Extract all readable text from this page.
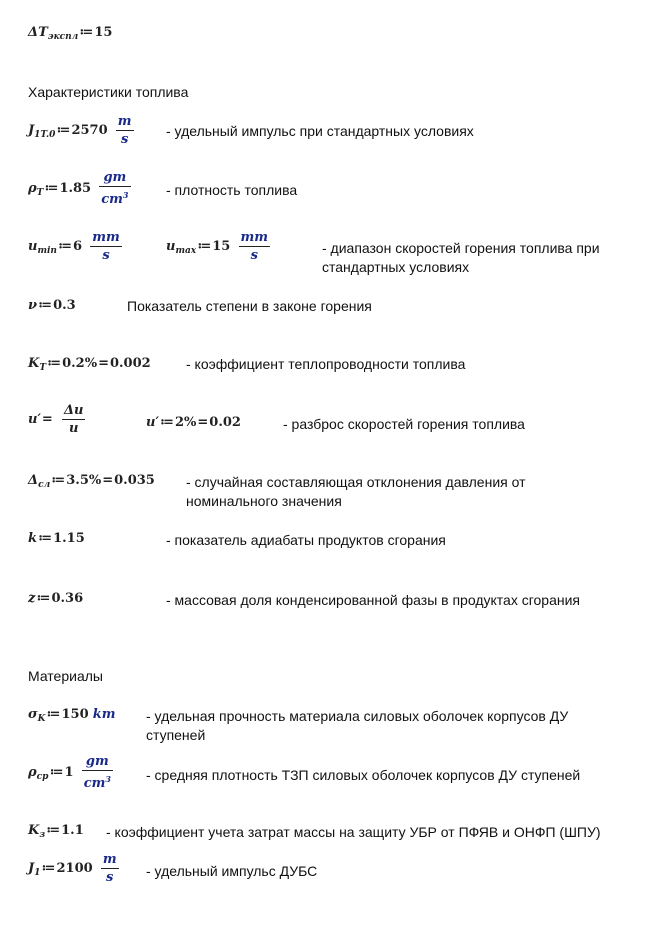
$\Delta T_{экспл}≔15$
Характеристики топлива
$J_{1T.0}≔2570 \frac{m}{s}$ - удельный импульс при стандартных условиях
$\rho_T≔1.85 \frac{gm}{cm^3}$	- плотность топлива
$u_{min}≔6 \frac{mm}{s}$	$u_{max}≔15 \frac{mm}{s}$	- диапазон скоростей горения топлива при
стандартных условиях
ν≔0.3	Показатель степени в законе горения
$K_T≔0.2\%=0.002$	- коэффициент теплопроводности топлива
$u'= \frac{\Delta u}{u}$	u′≔2%=0.02	- разброс скоростей горения топлива
$\Delta_{сл}≔3.5\%=0.035$ - случайная составляющая отклонения давления от
номинального значения
k≔1.15	- показатель адиабаты продуктов сгорания
z≔0.36	- массовая доля конденсированной фазы в продуктах сгорания
Материалы
$\sigma_K≔150$ km - удельная прочность материала силовых оболочек корпусов ДУ
ступеней
$\rho_{cp}≔1 \frac{gm}{cm^3}$ - средняя плотность ТЗП силовых оболочек корпусов ДУ ступеней
$K_з≔1.1$ - коэффициент учета затрат массы на защиту УБР от ПФЯВ и ОНФП (ШПУ)
$J_1≔2100 \frac{m}{s}$ - удельный импульс ДУБС
